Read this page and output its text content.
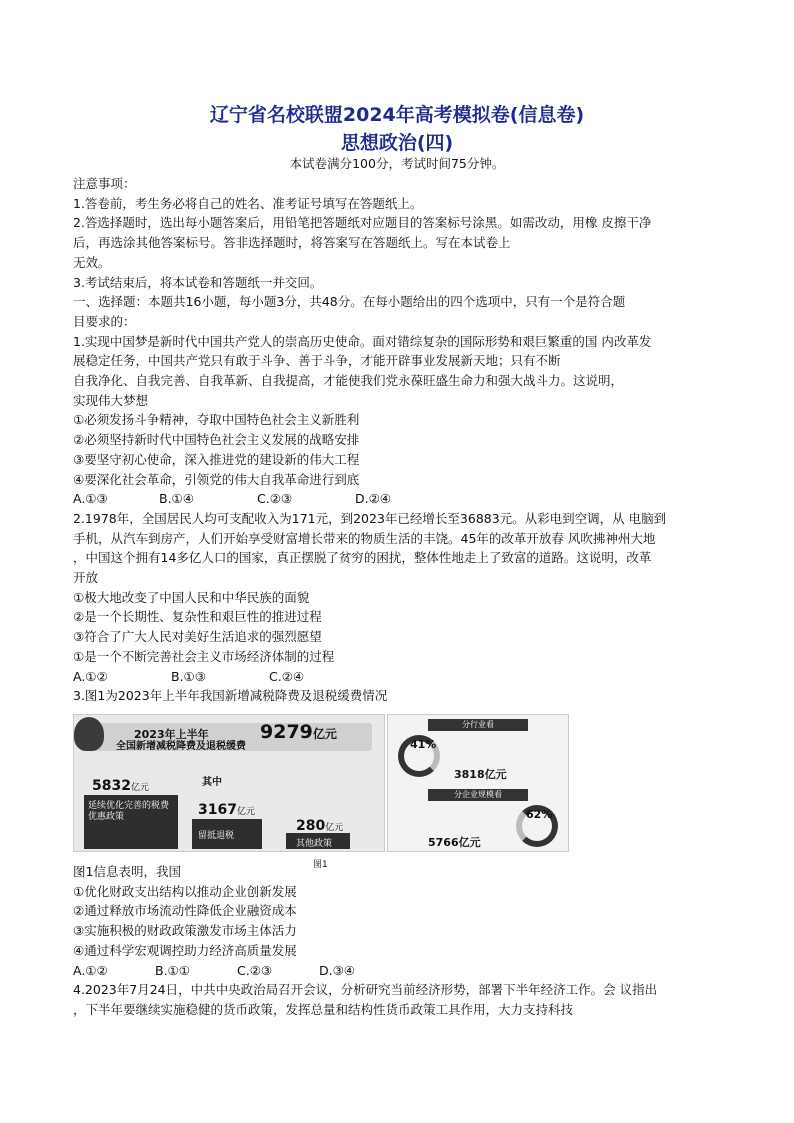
辽宁省名校联盟2024年高考模拟卷(信息卷)
思想政治(四)
本试卷满分100分，考试时间75分钟。

注意事项：

1.答卷前，考生务必将自己的姓名、准考证号填写在答题纸上。

2.答选择题时，选出每小题答案后，用铅笔把答题纸对应题目的答案标号涂黑。如需改动，用橡 皮擦干净

后，再选涂其他答案标号。答非选择题时，将答案写在答题纸上。写在本试卷上

无效。

3.考试结束后，将本试卷和答题纸一并交回。

一、选择题：本题共16小题，每小题3分，共48分。在每小题给出的四个选项中，只有一个是符合题

目要求的：

1.实现中国梦是新时代中国共产党人的崇高历史使命。面对错综复杂的国际形势和艰巨繁重的国 内改革发

展稳定任务，中国共产党只有敢于斗争、善于斗争，才能开辟事业发展新天地；只有不断

自我净化、自我完善、自我革新、自我提高，才能使我们党永葆旺盛生命力和强大战斗力。这说明，

实现伟大梦想

①必须发扬斗争精神，夺取中国特色社会主义新胜利

②必须坚持新时代中国特色社会主义发展的战略安排

③要坚守初心使命，深入推进党的建设新的伟大工程

④要深化社会革命，引领党的伟大自我革命进行到底

A.①③	B.①④	C.②③	D.②④

2.1978年，全国居民人均可支配收入为171元，到2023年已经增长至36883元。从彩电到空调，从 电脑到

手机，从汽车到房产，人们开始享受财富增长带来的物质生活的丰饶。45年的改革开放春 风吹拂神州大地

，中国这个拥有14多亿人口的国家，真正摆脱了贫穷的困扰，整体性地走上了致富的道路。这说明，改革

开放

①极大地改变了中国人民和中华民族的面貌

②是一个长期性、复杂性和艰巨性的推进过程

③符合了广大人民对美好生活追求的强烈愿望

①是一个不断完善社会主义市场经济体制的过程

A.①②	B.①③	C.②④

3.图1为2023年上半年我国新增减税降费及退税缓费情况

2023年上半年
全国新增减税降费及退税缓费
9279亿元
其中
5832亿元
3167亿元
280亿元
延续优化完善的税费优惠政策
留抵退税
其他政策
分行业看
41%
3818亿元
分企业规模看
62%
5766亿元
图1

图1信息表明，我国

①优化财政支出结构以推动企业创新发展

②通过释放市场流动性降低企业融资成本

③实施积极的财政政策激发市场主体活力

④通过科学宏观调控助力经济高质量发展

A.①②	B.①①	C.②③	D.③④

4.2023年7月24日，中共中央政治局召开会议，分析研究当前经济形势，部署下半年经济工作。会 议指出

，下半年要继续实施稳健的货币政策，发挥总量和结构性货币政策工具作用，大力支持科技
